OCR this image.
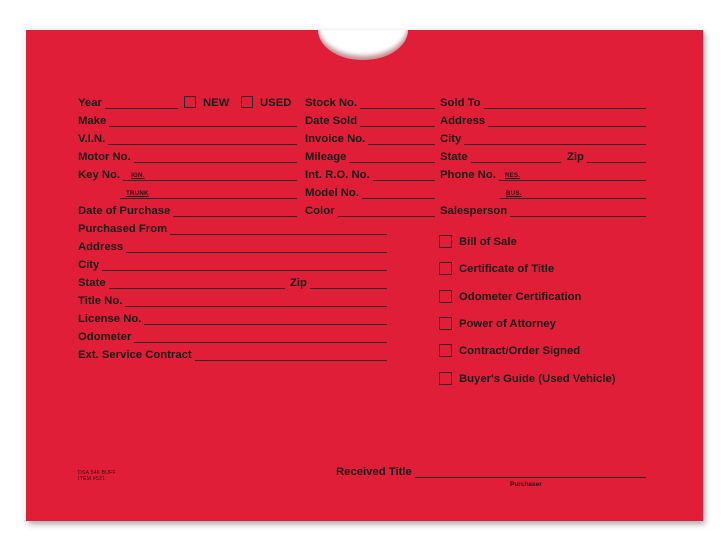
Year	NEW	USED
Make
V.I.N.
Motor No.
Key No. IGN.
TRUNK
Date of Purchase
Purchased From
Address
City
State	Zip
Title No.
License No.
Odometer
Ext. Service Contract
Stock No.
Date Sold
Invoice No.
Mileage
Int. R.O. No.
Model No.
Color
Sold To
Address
City
State	Zip
Phone No. RES.
BUS.
Salesperson
Bill of Sale
Certificate of Title
Odometer Certification
Power of Attorney
Contract/Order Signed
Buyer's Guide (Used Vehicle)
DSA 546 BUFF
ITEM #531
Received Title
Purchaser
